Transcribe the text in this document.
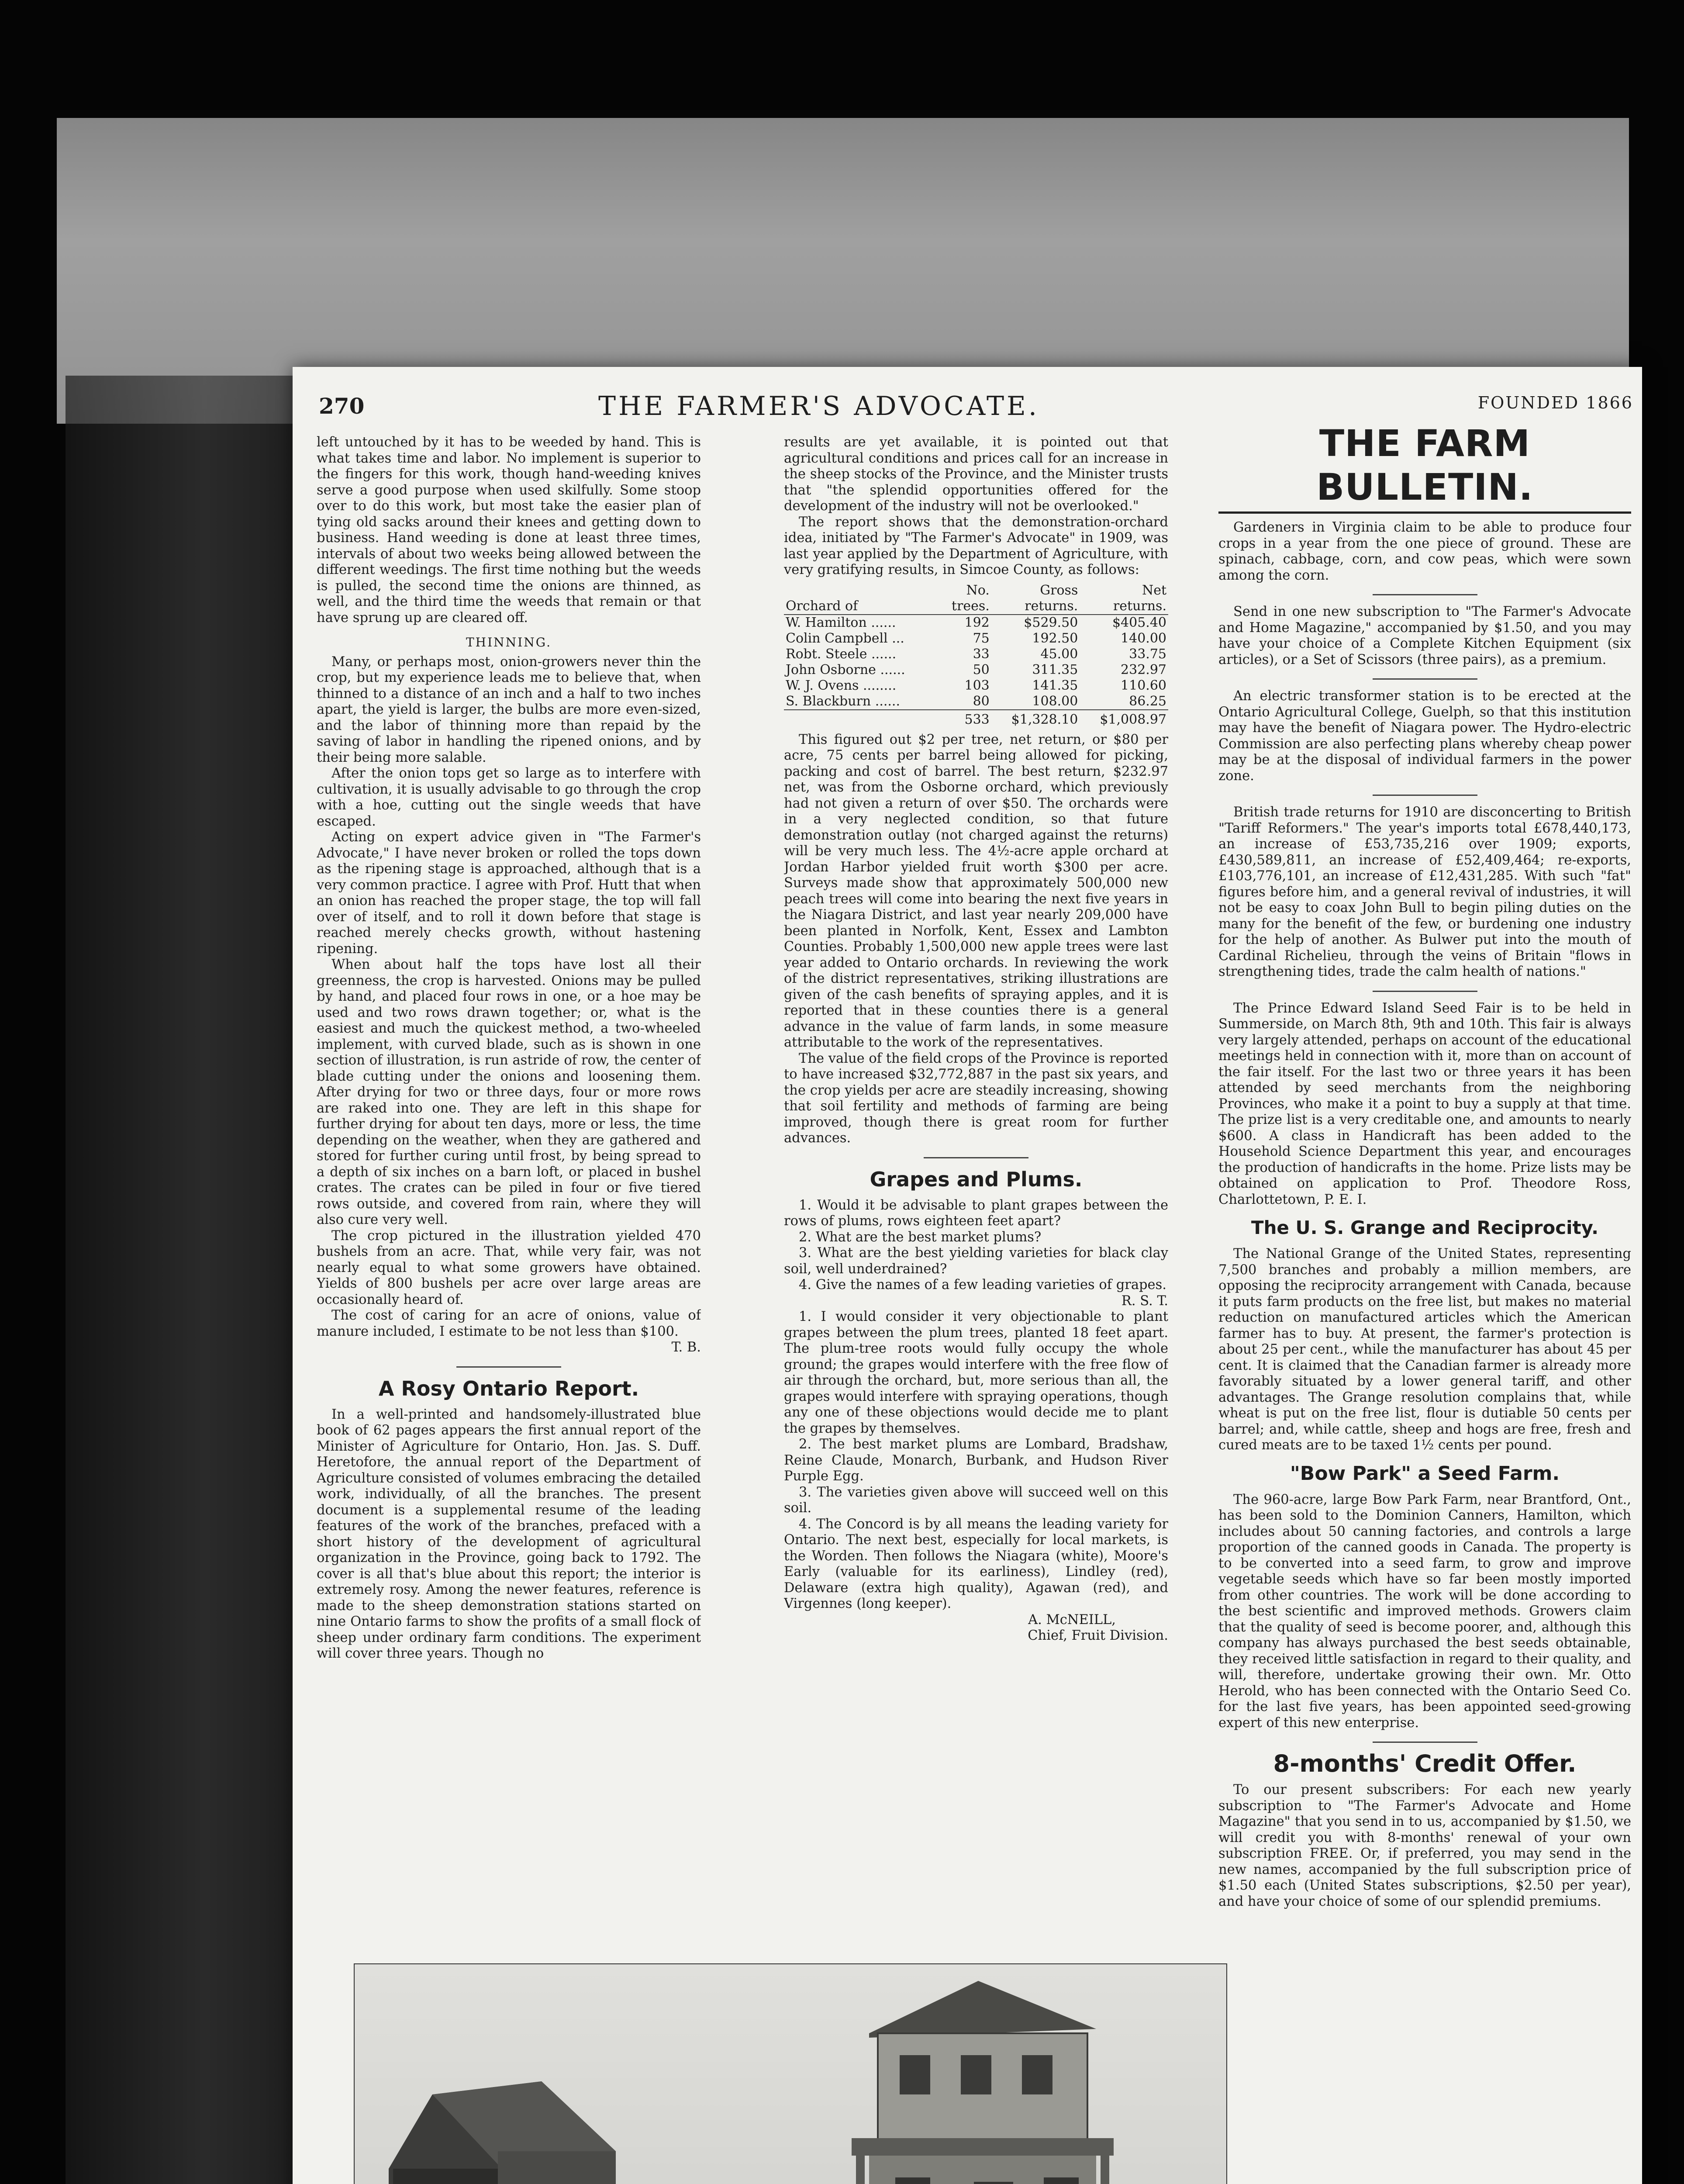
270	THE FARMER'S ADVOCATE.	FOUNDED 1866

left untouched by it has to be weeded by hand. This is what takes time and labor. No implement is superior to the fingers for this work, though hand-weeding knives serve a good purpose when used skilfully. Some stoop over to do this work, but most take the easier plan of tying old sacks around their knees and getting down to business. Hand weeding is done at least three times, intervals of about two weeks being allowed between the different weedings. The first time nothing but the weeds is pulled, the second time the onions are thinned, as well, and the third time the weeds that remain or that have sprung up are cleared off.

THINNING.

Many, or perhaps most, onion-growers never thin the crop, but my experience leads me to believe that, when thinned to a distance of an inch and a half to two inches apart, the yield is larger, the bulbs are more even-sized, and the labor of thinning more than repaid by the saving of labor in handling the ripened onions, and by their being more salable.

After the onion tops get so large as to interfere with cultivation, it is usually advisable to go through the crop with a hoe, cutting out the single weeds that have escaped.

Acting on expert advice given in "The Farmer's Advocate," I have never broken or rolled the tops down as the ripening stage is approached, although that is a very common practice. I agree with Prof. Hutt that when an onion has reached the proper stage, the top will fall over of itself, and to roll it down before that stage is reached merely checks growth, without hastening ripening.

When about half the tops have lost all their greenness, the crop is harvested. Onions may be pulled by hand, and placed four rows in one, or a hoe may be used and two rows drawn together; or, what is the easiest and much the quickest method, a two-wheeled implement, with curved blade, such as is shown in one section of illustration, is run astride of row, the center of blade cutting under the onions and loosening them. After drying for two or three days, four or more rows are raked into one. They are left in this shape for further drying for about ten days, more or less, the time depending on the weather, when they are gathered and stored for further curing until frost, by being spread to a depth of six inches on a barn loft, or placed in bushel crates. The crates can be piled in four or five tiered rows outside, and covered from rain, where they will also cure very well.

The crop pictured in the illustration yielded 470 bushels from an acre. That, while very fair, was not nearly equal to what some growers have obtained. Yields of 800 bushels per acre over large areas are occasionally heard of.

The cost of caring for an acre of onions, value of manure included, I estimate to be not less than $100.

T. B.
A Rosy Ontario Report.

In a well-printed and handsomely-illustrated blue book of 62 pages appears the first annual report of the Minister of Agriculture for Ontario, Hon. Jas. S. Duff. Heretofore, the annual report of the Department of Agriculture consisted of volumes embracing the detailed work, individually, of all the branches. The present document is a supplemental resume of the leading features of the work of the branches, prefaced with a short history of the development of agricultural organization in the Province, going back to 1792. The cover is all that's blue about this report; the interior is extremely rosy. Among the newer features, reference is made to the sheep demonstration stations started on nine Ontario farms to show the profits of a small flock of sheep under ordinary farm conditions. The experiment will cover three years. Though no

results are yet available, it is pointed out that agricultural conditions and prices call for an increase in the sheep stocks of the Province, and the Minister trusts that "the splendid opportunities offered for the development of the industry will not be overlooked."

The report shows that the demonstration-orchard idea, initiated by "The Farmer's Advocate" in 1909, was last year applied by the Department of Agriculture, with very gratifying results, in Simcoe County, as follows:

	No.	Gross	Net
Orchard of	trees.	returns.	returns.
W. Hamilton ......	192	$529.50	$405.40
Colin Campbell ...	75	192.50	140.00
Robt. Steele ......	33	45.00	33.75
John Osborne ......	50	311.35	232.97
W. J. Ovens ........	103	141.35	110.60
S. Blackburn ......	80	108.00	86.25
	533	$1,328.10	$1,008.97

This figured out $2 per tree, net return, or $80 per acre, 75 cents per barrel being allowed for picking, packing and cost of barrel. The best return, $232.97 net, was from the Osborne orchard, which previously had not given a return of over $50. The orchards were in a very neglected condition, so that future demonstration outlay (not charged against the returns) will be very much less. The 4½-acre apple orchard at Jordan Harbor yielded fruit worth $300 per acre. Surveys made show that approximately 500,000 new peach trees will come into bearing the next five years in the Niagara District, and last year nearly 209,000 have been planted in Norfolk, Kent, Essex and Lambton Counties. Probably 1,500,000 new apple trees were last year added to Ontario orchards. In reviewing the work of the district representatives, striking illustrations are given of the cash benefits of spraying apples, and it is reported that in these counties there is a general advance in the value of farm lands, in some measure attributable to the work of the representatives.

The value of the field crops of the Province is reported to have increased $32,772,887 in the past six years, and the crop yields per acre are steadily increasing, showing that soil fertility and methods of farming are being improved, though there is great room for further advances.

Grapes and Plums.

1. Would it be advisable to plant grapes between the rows of plums, rows eighteen feet apart?

2. What are the best market plums?

3. What are the best yielding varieties for black clay soil, well underdrained?

4. Give the names of a few leading varieties of grapes.

R. S. T.

1. I would consider it very objectionable to plant grapes between the plum trees, planted 18 feet apart. The plum-tree roots would fully occupy the whole ground; the grapes would interfere with the free flow of air through the orchard, but, more serious than all, the grapes would interfere with spraying operations, though any one of these objections would decide me to plant the grapes by themselves.

2. The best market plums are Lombard, Bradshaw, Reine Claude, Monarch, Burbank, and Hudson River Purple Egg.

3. The varieties given above will succeed well on this soil.

4. The Concord is by all means the leading variety for Ontario. The next best, especially for local markets, is the Worden. Then follows the Niagara (white), Moore's Early (valuable for its earliness), Lindley (red), Delaware (extra high quality), Agawan (red), and Virgennes (long keeper).

A. McNEILL,
Chief, Fruit Division.
THE FARM BULLETIN.

Gardeners in Virginia claim to be able to produce four crops in a year from the one piece of ground. These are spinach, cabbage, corn, and cow peas, which were sown among the corn.

Send in one new subscription to "The Farmer's Advocate and Home Magazine," accompanied by $1.50, and you may have your choice of a Complete Kitchen Equipment (six articles), or a Set of Scissors (three pairs), as a premium.

An electric transformer station is to be erected at the Ontario Agricultural College, Guelph, so that this institution may have the benefit of Niagara power. The Hydro-electric Commission are also perfecting plans whereby cheap power may be at the disposal of individual farmers in the power zone.

British trade returns for 1910 are disconcerting to British "Tariff Reformers." The year's imports total £678,440,173, an increase of £53,735,216 over 1909; exports, £430,589,811, an increase of £52,409,464; re-exports, £103,776,101, an increase of £12,431,285. With such "fat" figures before him, and a general revival of industries, it will not be easy to coax John Bull to begin piling duties on the many for the benefit of the few, or burdening one industry for the help of another. As Bulwer put into the mouth of Cardinal Richelieu, through the veins of Britain "flows in strengthening tides, trade the calm health of nations."

The Prince Edward Island Seed Fair is to be held in Summerside, on March 8th, 9th and 10th. This fair is always very largely attended, perhaps on account of the educational meetings held in connection with it, more than on account of the fair itself. For the last two or three years it has been attended by seed merchants from the neighboring Provinces, who make it a point to buy a supply at that time. The prize list is a very creditable one, and amounts to nearly $600. A class in Handicraft has been added to the Household Science Department this year, and encourages the production of handicrafts in the home. Prize lists may be obtained on application to Prof. Theodore Ross, Charlottetown, P. E. I.

The U. S. Grange and Reciprocity.

The National Grange of the United States, representing 7,500 branches and probably a million members, are opposing the reciprocity arrangement with Canada, because it puts farm products on the free list, but makes no material reduction on manufactured articles which the American farmer has to buy. At present, the farmer's protection is about 25 per cent., while the manufacturer has about 45 per cent. It is claimed that the Canadian farmer is already more favorably situated by a lower general tariff, and other advantages. The Grange resolution complains that, while wheat is put on the free list, flour is dutiable 50 cents per barrel; and, while cattle, sheep and hogs are free, fresh and cured meats are to be taxed 1½ cents per pound.

"Bow Park" a Seed Farm.

The 960-acre, large Bow Park Farm, near Brantford, Ont., has been sold to the Dominion Canners, Hamilton, which includes about 50 canning factories, and controls a large proportion of the canned goods in Canada. The property is to be converted into a seed farm, to grow and improve vegetable seeds which have so far been mostly imported from other countries. The work will be done according to the best scientific and improved methods. Growers claim that the quality of seed is become poorer, and, although this company has always purchased the best seeds obtainable, they received little satisfaction in regard to their quality, and will, therefore, undertake growing their own. Mr. Otto Herold, who has been connected with the Ontario Seed Co. for the last five years, has been appointed seed-growing expert of this new enterprise.

8-months' Credit Offer.

To our present subscribers: For each new yearly subscription to "The Farmer's Advocate and Home Magazine" that you send in to us, accompanied by $1.50, we will credit you with 8-months' renewal of your own subscription FREE. Or, if preferred, you may send in the new names, accompanied by the full subscription price of $1.50 each (United States subscriptions, $2.50 per year), and have your choice of some of our splendid premiums.
